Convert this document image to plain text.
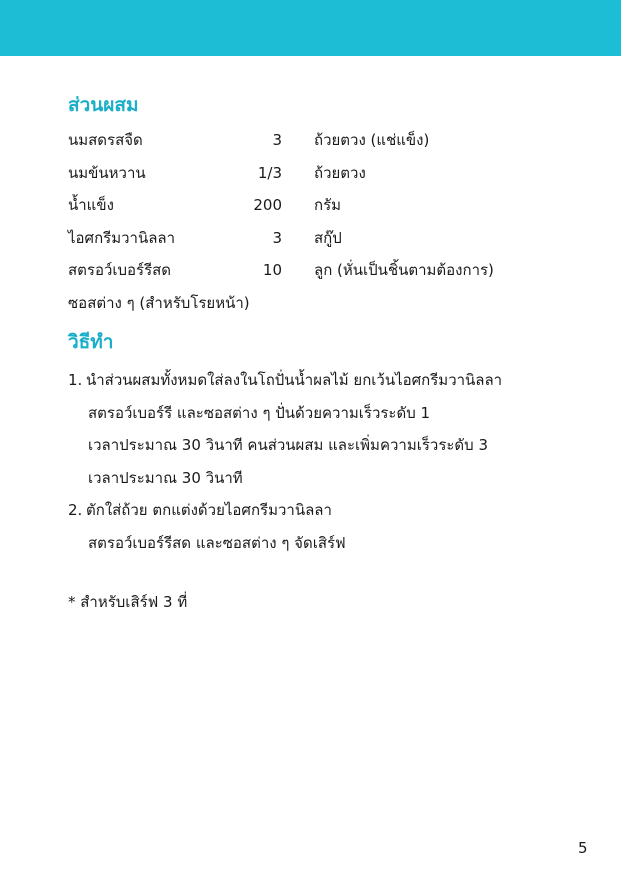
ส่วนผสม
นมสดรสจืด	3 ถ้วยตวง (แช่แข็ง)
นมข้นหวาน	1/3 ถ้วยตวง
น้ำแข็ง	200 กรัม
ไอศกรีมวานิลลา	3 สกู๊ป
สตรอว์เบอร์รีสด	10 ลูก (หั่นเป็นชิ้นตามต้องการ)
ซอสต่าง ๆ (สำหรับโรยหน้า)
วิธีทำ
1. นำส่วนผสมทั้งหมดใส่ลงในโถปั่นน้ำผลไม้ ยกเว้นไอศกรีมวานิลลา
สตรอว์เบอร์รี และซอสต่าง ๆ ปั่นด้วยความเร็วระดับ 1
เวลาประมาณ 30 วินาที คนส่วนผสม และเพิ่มความเร็วระดับ 3
เวลาประมาณ 30 วินาที
2. ตักใส่ถ้วย ตกแต่งด้วยไอศกรีมวานิลลา
สตรอว์เบอร์รีสด และซอสต่าง ๆ จัดเสิร์ฟ
* สำหรับเสิร์ฟ 3 ที่
5
